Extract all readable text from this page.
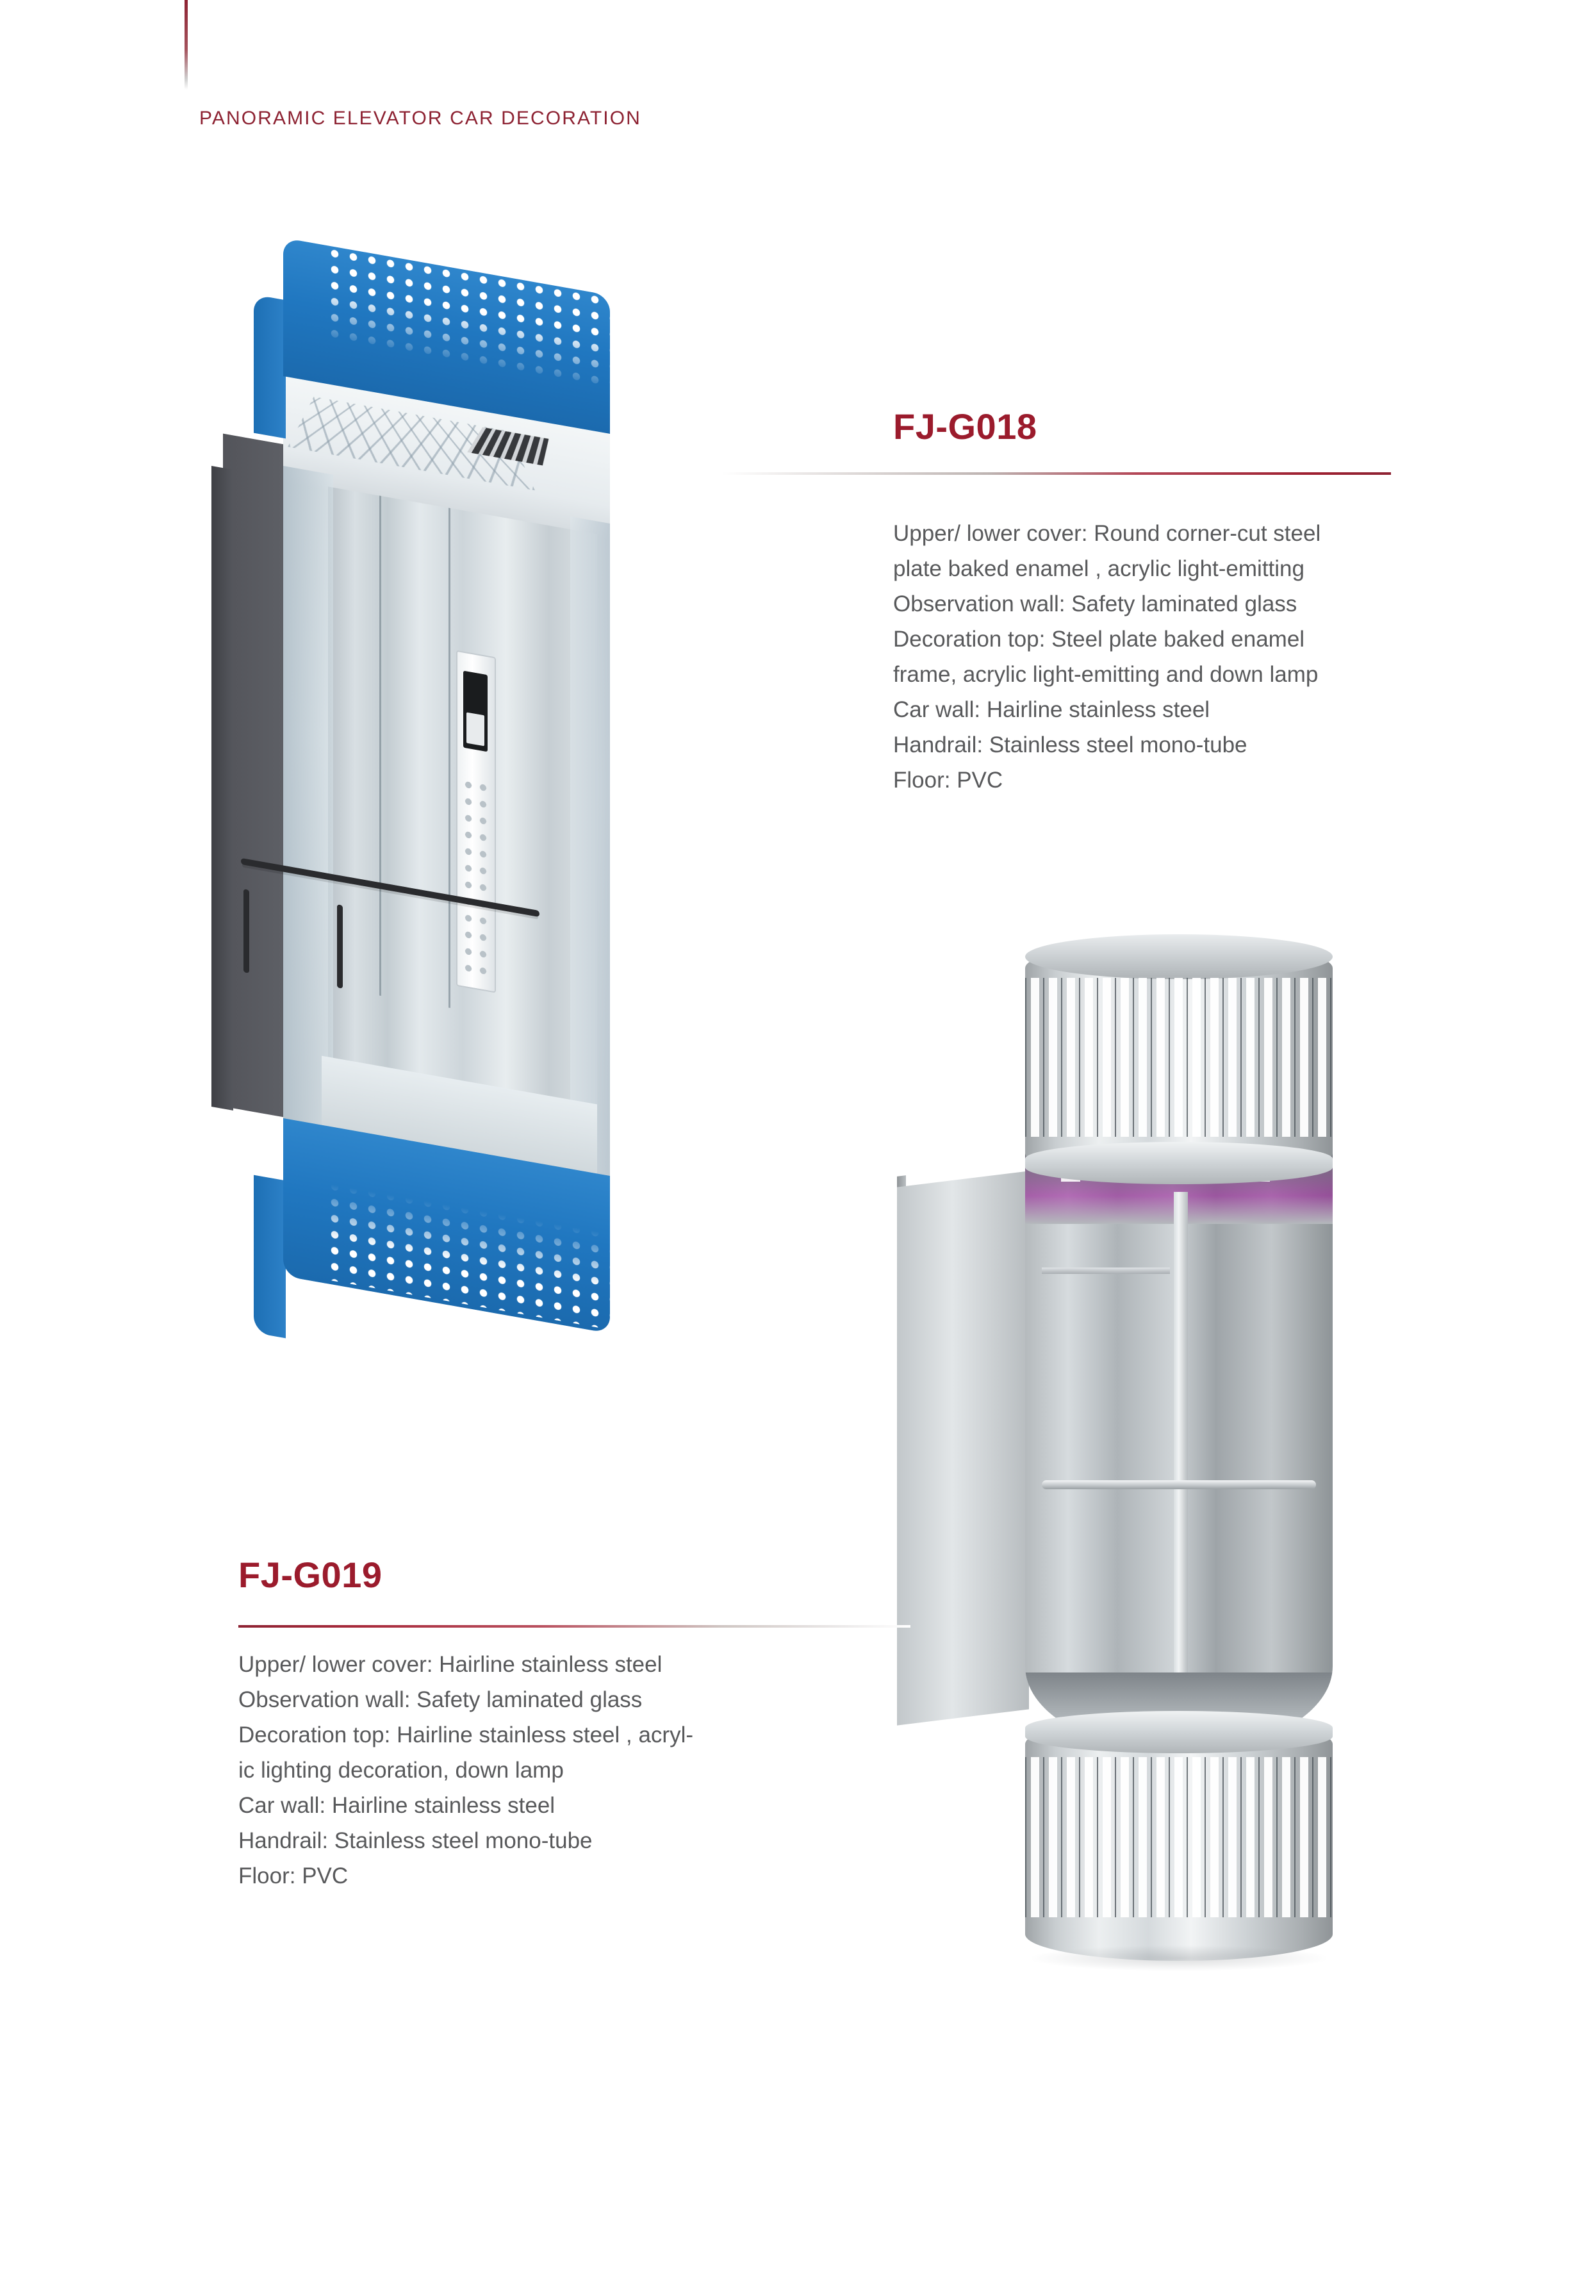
PANORAMIC ELEVATOR CAR DECORATION
FJ-G018
Upper/ lower cover: Round corner-cut steel
plate baked enamel , acrylic light-emitting
Observation wall: Safety laminated glass
Decoration top: Steel plate baked enamel
frame, acrylic light-emitting and down lamp
Car wall: Hairline stainless steel
Handrail: Stainless steel mono-tube
Floor: PVC
FJ-G019
Upper/ lower cover: Hairline stainless steel
Observation wall: Safety laminated glass
Decoration top: Hairline stainless steel , acryl-
ic lighting decoration, down lamp
Car wall: Hairline stainless steel
Handrail: Stainless steel mono-tube
Floor: PVC
